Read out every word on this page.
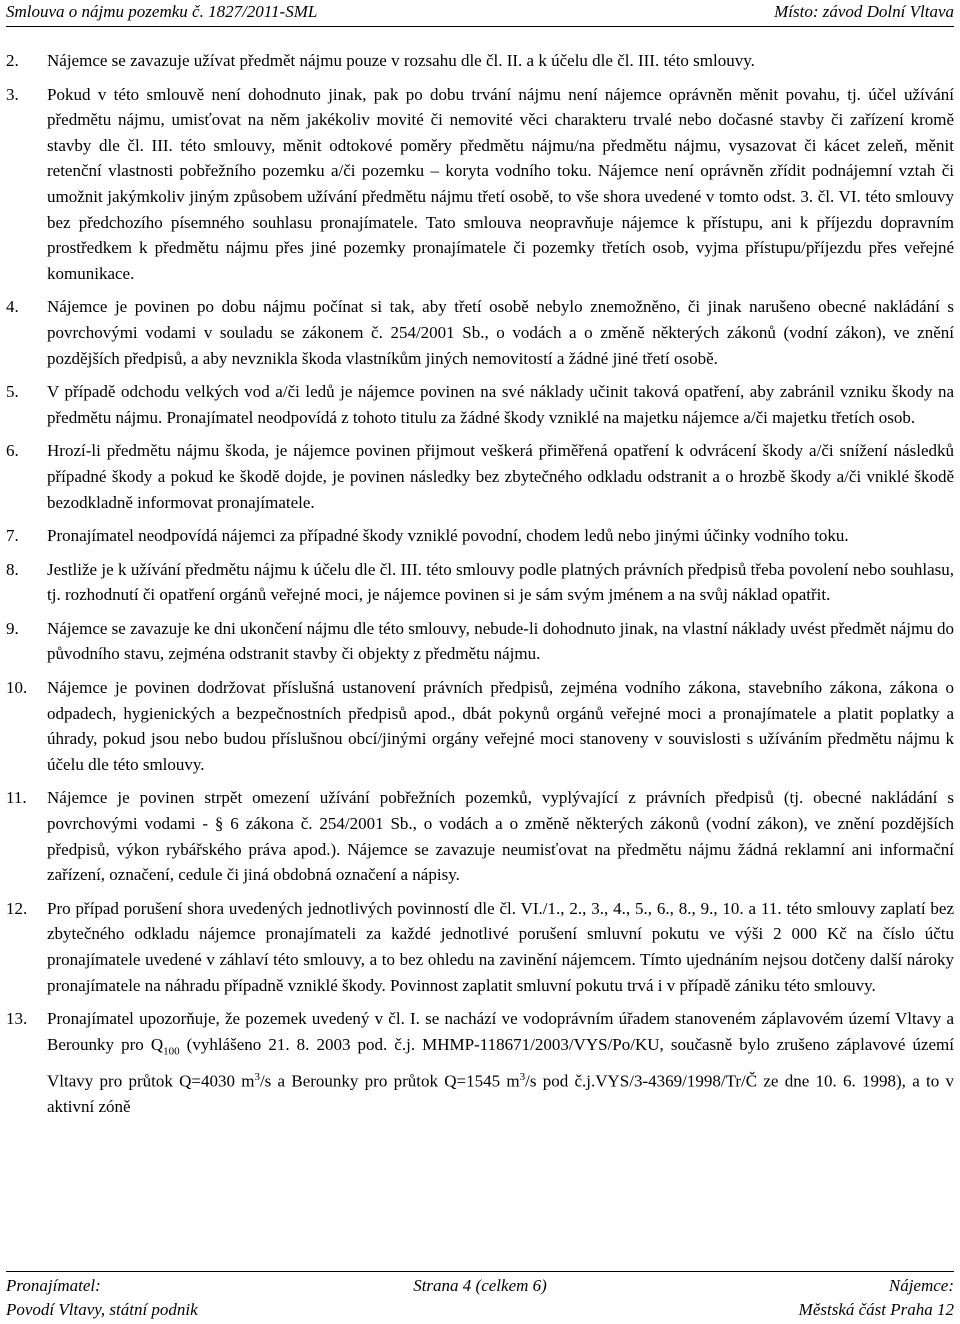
Smlouva o nájmu pozemku č. 1827/2011-SML	Místo: závod Dolní Vltava
2.	Nájemce se zavazuje užívat předmět nájmu pouze v rozsahu dle čl. II. a k účelu dle čl. III. této smlouvy.
3.	Pokud v této smlouvě není dohodnuto jinak, pak po dobu trvání nájmu není nájemce oprávněn měnit povahu, tj. účel užívání předmětu nájmu, umisťovat na něm jakékoliv movité či nemovité věci charakteru trvalé nebo dočasné stavby či zařízení kromě stavby dle čl. III. této smlouvy, měnit odtokové poměry předmětu nájmu/na předmětu nájmu, vysazovat či kácet zeleň, měnit retenční vlastnosti pobřežního pozemku a/či pozemku – koryta vodního toku. Nájemce není oprávněn zřídit podnájemní vztah či umožnit jakýmkoliv jiným způsobem užívání předmětu nájmu třetí osobě, to vše shora uvedené v tomto odst. 3. čl. VI. této smlouvy bez předchozího písemného souhlasu pronajímatele. Tato smlouva neopravňuje nájemce k přístupu, ani k příjezdu dopravním prostředkem k předmětu nájmu přes jiné pozemky pronajímatele či pozemky třetích osob, vyjma přístupu/příjezdu přes veřejné komunikace.
4.	Nájemce je povinen po dobu nájmu počínat si tak, aby třetí osobě nebylo znemožněno, či jinak narušeno obecné nakládání s povrchovými vodami v souladu se zákonem č. 254/2001 Sb., o vodách a o změně některých zákonů (vodní zákon), ve znění pozdějších předpisů, a aby nevznikla škoda vlastníkům jiných nemovitostí a žádné jiné třetí osobě.
5.	V případě odchodu velkých vod a/či ledů je nájemce povinen na své náklady učinit taková opatření, aby zabránil vzniku škody na předmětu nájmu. Pronajímatel neodpovídá z tohoto titulu za žádné škody vzniklé na majetku nájemce a/či majetku třetích osob.
6.	Hrozí-li předmětu nájmu škoda, je nájemce povinen přijmout veškerá přiměřená opatření k odvrácení škody a/či snížení následků případné škody a pokud ke škodě dojde, je povinen následky bez zbytečného odkladu odstranit a o hrozbě škody a/či vniklé škodě bezodkladně informovat pronajímatele.
7.	Pronajímatel neodpovídá nájemci za případné škody vzniklé povodní, chodem ledů nebo jinými účinky vodního toku.
8.	Jestliže je k užívání předmětu nájmu k účelu dle čl. III. této smlouvy podle platných právních předpisů třeba povolení nebo souhlasu, tj. rozhodnutí či opatření orgánů veřejné moci, je nájemce povinen si je sám svým jménem a na svůj náklad opatřit.
9.	Nájemce se zavazuje ke dni ukončení nájmu dle této smlouvy, nebude-li dohodnuto jinak, na vlastní náklady uvést předmět nájmu do původního stavu, zejména odstranit stavby či objekty z předmětu nájmu.
10.	Nájemce je povinen dodržovat příslušná ustanovení právních předpisů, zejména vodního zákona, stavebního zákona, zákona o odpadech, hygienických a bezpečnostních předpisů apod., dbát pokynů orgánů veřejné moci a pronajímatele a platit poplatky a úhrady, pokud jsou nebo budou příslušnou obcí/jinými orgány veřejné moci stanoveny v souvislosti s užíváním předmětu nájmu k účelu dle této smlouvy.
11.	Nájemce je povinen strpět omezení užívání pobřežních pozemků, vyplývající z právních předpisů (tj. obecné nakládání s povrchovými vodami - § 6 zákona č. 254/2001 Sb., o vodách a o změně některých zákonů (vodní zákon), ve znění pozdějších předpisů, výkon rybářského práva apod.). Nájemce se zavazuje neumisťovat na předmětu nájmu žádná reklamní ani informační zařízení, označení, cedule či jiná obdobná označení a nápisy.
12.	Pro případ porušení shora uvedených jednotlivých povinností dle čl. VI./1., 2., 3., 4., 5., 6., 8., 9., 10. a 11. této smlouvy zaplatí bez zbytečného odkladu nájemce pronajímateli za každé jednotlivé porušení smluvní pokutu ve výši 2 000 Kč na číslo účtu pronajímatele uvedené v záhlaví této smlouvy, a to bez ohledu na zavinění nájemcem. Tímto ujednáním nejsou dotčeny další nároky pronajímatele na náhradu případně vzniklé škody. Povinnost zaplatit smluvní pokutu trvá i v případě zániku této smlouvy.
13.	Pronajímatel upozorňuje, že pozemek uvedený v čl. I. se nachází ve vodoprávním úřadem stanoveném záplavovém území Vltavy a Berounky pro $Q_{100}$ (vyhlášeno 21. 8. 2003 pod. č.j. MHMP-118671/2003/VYS/Po/KU, současně bylo zrušeno záplavové území Vltavy pro průtok Q=4030 $m^3/s$ a Berounky pro průtok Q=1545 $m^3/s$ pod č.j.VYS/3-4369/1998/Tr/Č ze dne 10. 6. 1998), a to v aktivní zóně
Pronajímatel:
Povodí Vltavy, státní podnik
Strana 4 (celkem 6)	Nájemce:
Městská část Praha 12
